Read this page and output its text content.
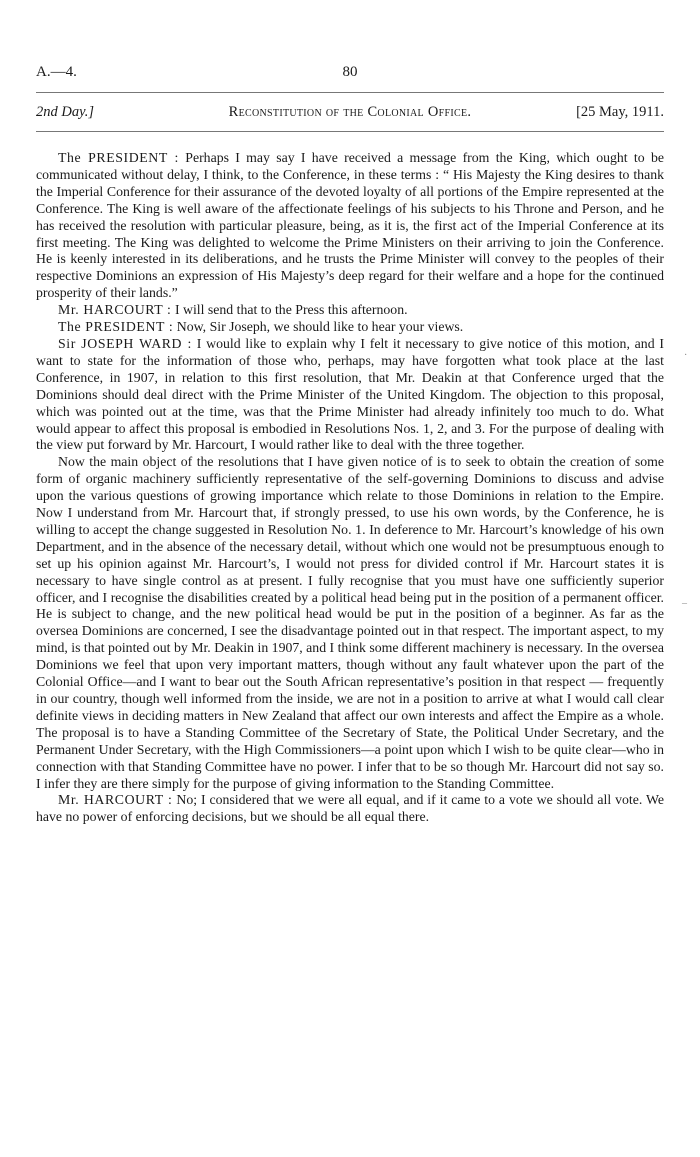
A.—4.	80
2nd Day.]	Reconstitution of the Colonial Office.	[25 May, 1911.

The PRESIDENT : Perhaps I may say I have received a message from the King, which ought to be communicated without delay, I think, to the Conference, in these terms : “ His Majesty the King desires to thank the Imperial Conference for their assurance of the devoted loyalty of all portions of the Empire represented at the Conference. The King is well aware of the affectionate feelings of his subjects to his Throne and Person, and he has received the resolution with particular pleasure, being, as it is, the first act of the Imperial Conference at its first meeting. The King was delighted to welcome the Prime Ministers on their arriving to join the Conference. He is keenly interested in its deliberations, and he trusts the Prime Minister will convey to the peoples of their respective Dominions an expression of His Majesty’s deep regard for their welfare and a hope for the continued prosperity of their lands.”

Mr. HARCOURT : I will send that to the Press this afternoon.

The PRESIDENT : Now, Sir Joseph, we should like to hear your views.

Sir JOSEPH WARD : I would like to explain why I felt it necessary to give notice of this motion, and I want to state for the information of those who, perhaps, may have forgotten what took place at the last Conference, in 1907, in relation to this first resolution, that Mr. Deakin at that Conference urged that the Dominions should deal direct with the Prime Minister of the United Kingdom. The objection to this proposal, which was pointed out at the time, was that the Prime Minister had already infinitely too much to do. What would appear to affect this proposal is embodied in Resolutions Nos. 1, 2, and 3. For the purpose of dealing with the view put forward by Mr. Harcourt, I would rather like to deal with the three together.

Now the main object of the resolutions that I have given notice of is to seek to obtain the creation of some form of organic machinery sufficiently representative of the self-governing Dominions to discuss and advise upon the various questions of growing importance which relate to those Dominions in relation to the Empire. Now I understand from Mr. Harcourt that, if strongly pressed, to use his own words, by the Conference, he is willing to accept the change suggested in Resolution No. 1. In deference to Mr. Harcourt’s knowledge of his own Department, and in the absence of the necessary detail, without which one would not be presumptuous enough to set up his opinion against Mr. Harcourt’s, I would not press for divided control if Mr. Harcourt states it is necessary to have single control as at present. I fully recognise that you must have one sufficiently superior officer, and I recognise the disabilities created by a political head being put in the position of a permanent officer. He is subject to change, and the new political head would be put in the position of a beginner. As far as the oversea Dominions are concerned, I see the disadvantage pointed out in that respect. The important aspect, to my mind, is that pointed out by Mr. Deakin in 1907, and I think some different machinery is necessary. In the oversea Dominions we feel that upon very important matters, though without any fault whatever upon the part of the Colonial Office—and I want to bear out the South African representative’s position in that respect — frequently in our country, though well informed from the inside, we are not in a position to arrive at what I would call clear definite views in deciding matters in New Zealand that affect our own interests and affect the Empire as a whole. The proposal is to have a Standing Committee of the Secretary of State, the Political Under Secretary, and the Permanent Under Secretary, with the High Commissioners—a point upon which I wish to be quite clear—who in connection with that Standing Committee have no power. I infer that to be so though Mr. Harcourt did not say so. I infer they are there simply for the purpose of giving information to the Standing Committee.

Mr. HARCOURT : No; I considered that we were all equal, and if it came to a vote we should all vote. We have no power of enforcing decisions, but we should be all equal there.

·
–
